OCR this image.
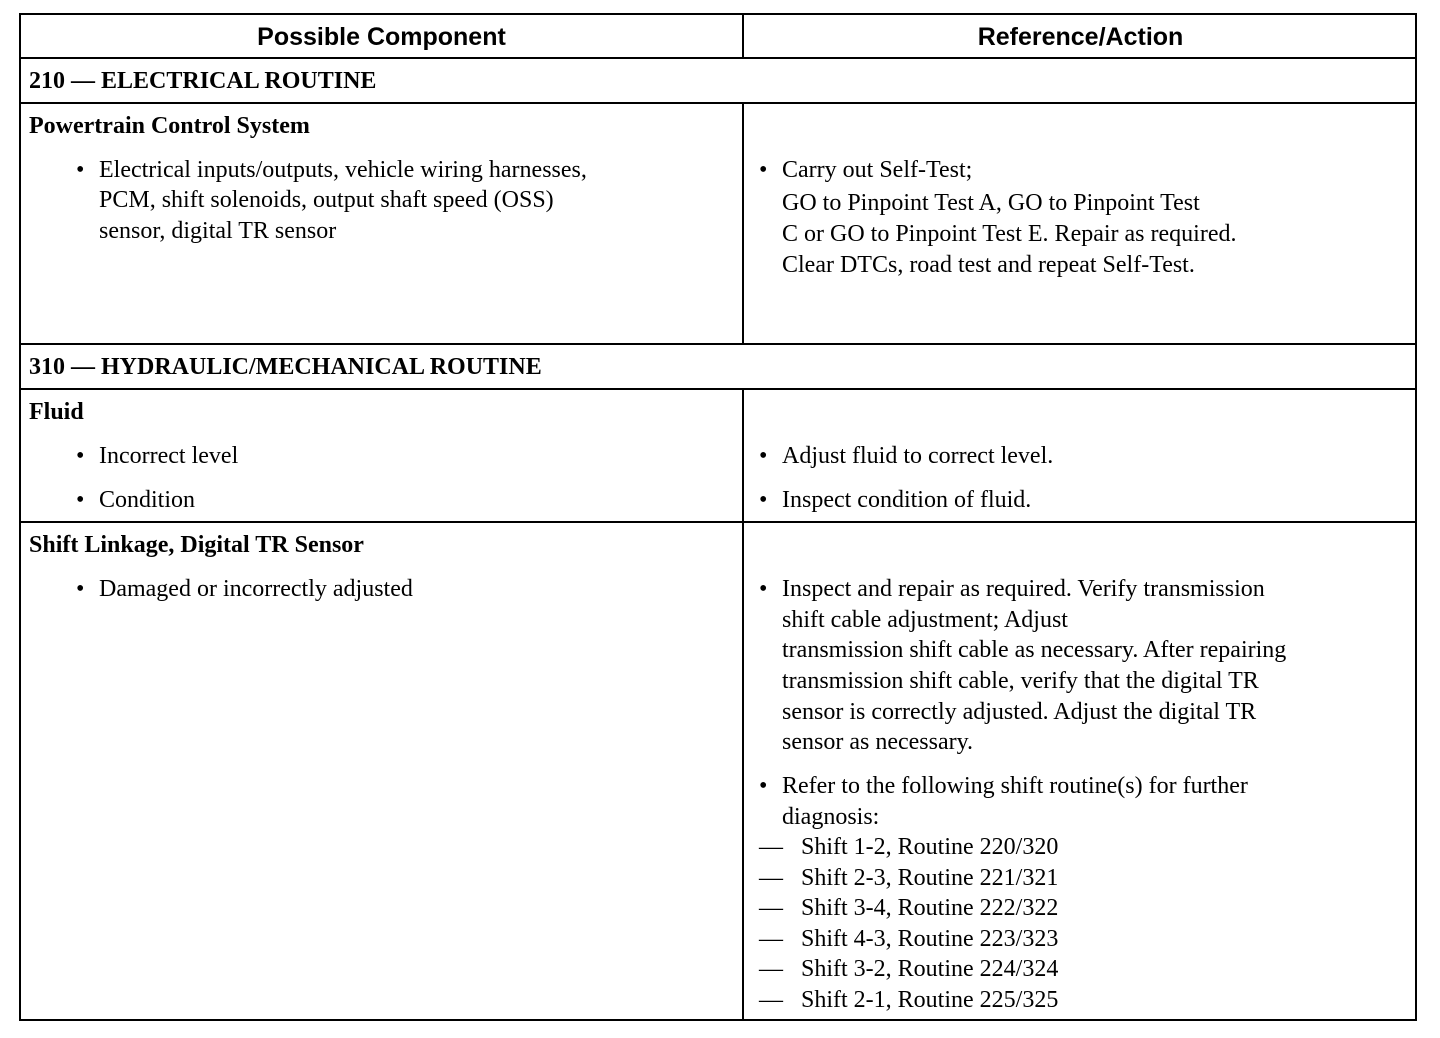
Possible Component	Reference/Action
210 — ELECTRICAL ROUTINE
Powertrain Control System
• Electrical inputs/outputs, vehicle wiring harnesses,
PCM, shift solenoids, output shaft speed (OSS)
sensor, digital TR sensor
• Carry out Self-Test;
GO to Pinpoint Test A, GO to Pinpoint Test
C or GO to Pinpoint Test E. Repair as required.
Clear DTCs, road test and repeat Self-Test.
310 — HYDRAULIC/MECHANICAL ROUTINE
Fluid
• Incorrect level
• Condition
• Adjust fluid to correct level.
• Inspect condition of fluid.
Shift Linkage, Digital TR Sensor
• Damaged or incorrectly adjusted	• Inspect and repair as required. Verify transmission
shift cable adjustment; Adjust
transmission shift cable as necessary. After repairing
transmission shift cable, verify that the digital TR
sensor is correctly adjusted. Adjust the digital TR
sensor as necessary.
• Refer to the following shift routine(s) for further
diagnosis:
— Shift 1-2, Routine 220/320
— Shift 2-3, Routine 221/321
— Shift 3-4, Routine 222/322
— Shift 4-3, Routine 223/323
— Shift 3-2, Routine 224/324
— Shift 2-1, Routine 225/325
